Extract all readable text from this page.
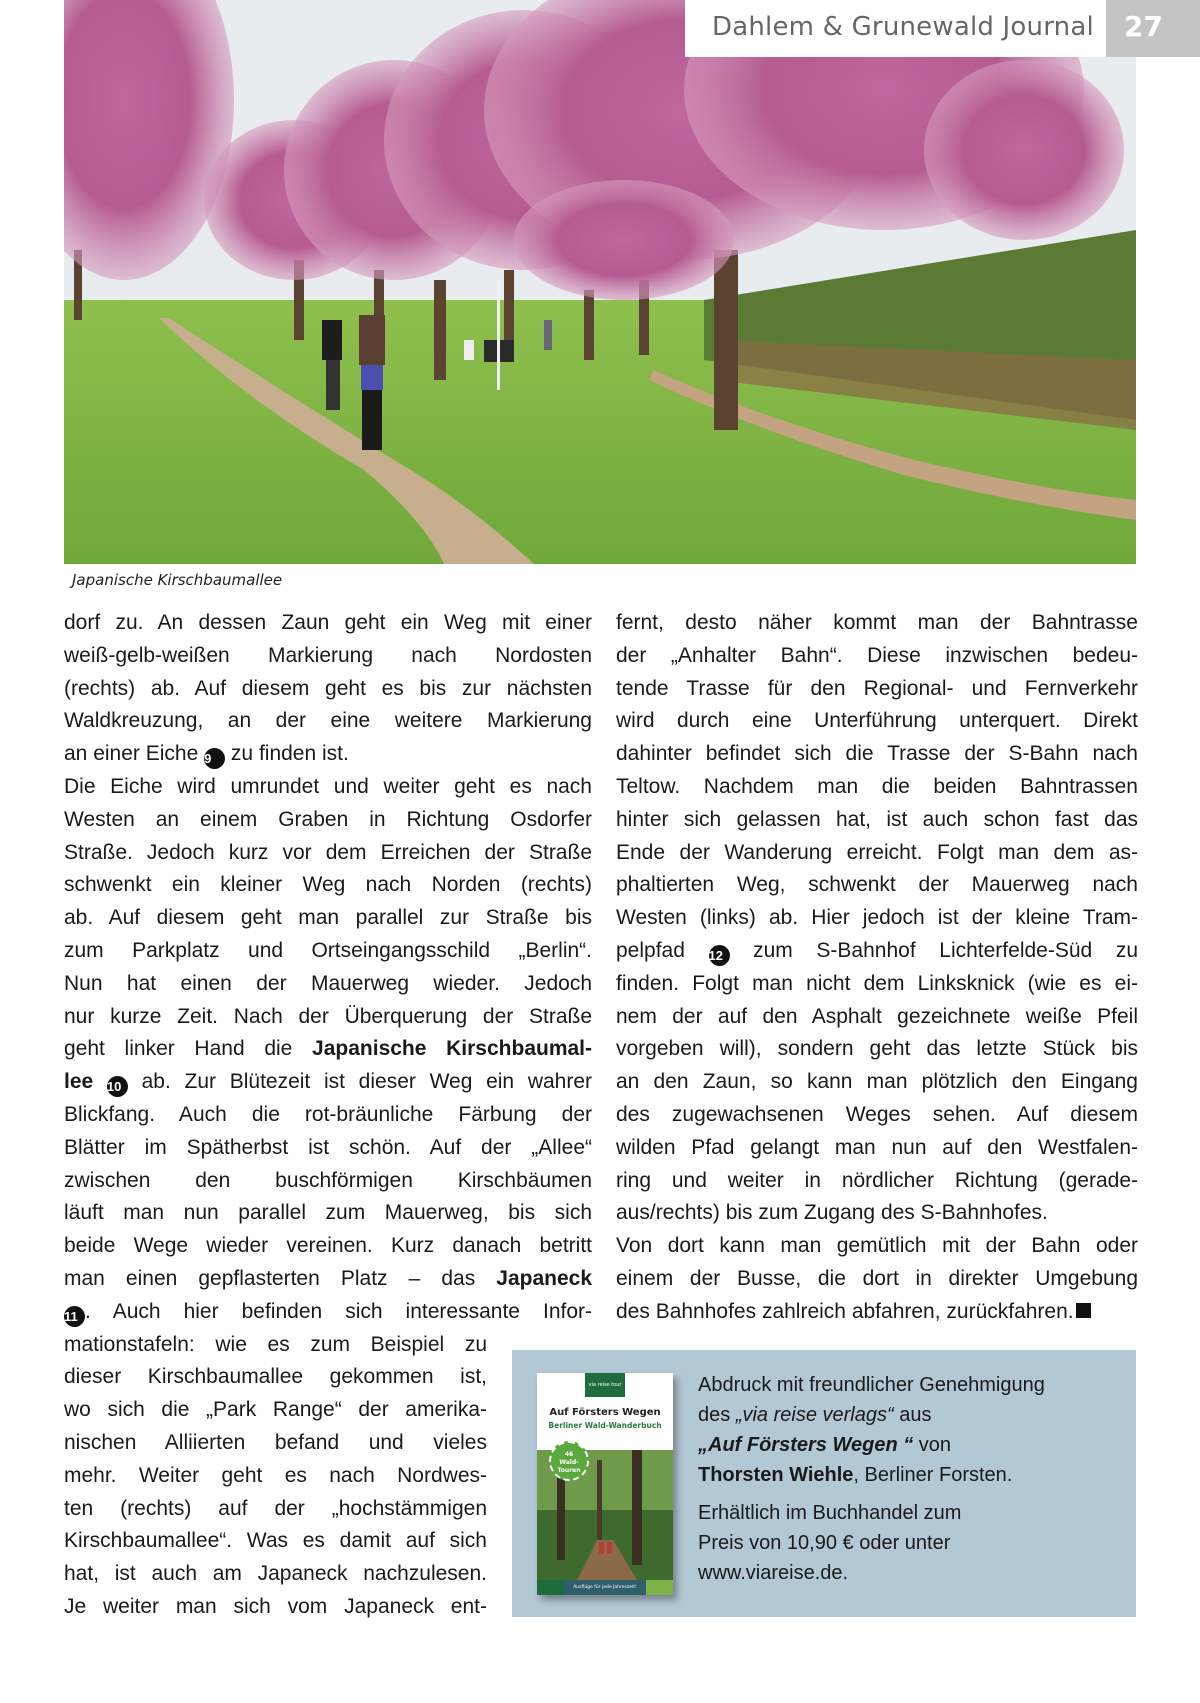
Dahlem & Grunewald Journal 27
Japanische Kirschbaumallee
dorf zu. An dessen Zaun geht ein Weg mit einer
weiß-gelb-weißen Markierung nach Nordosten
(rechts) ab. Auf diesem geht es bis zur nächsten
Waldkreuzung, an der eine weitere Markierung
an einer Eiche 9 zu finden ist.
Die Eiche wird umrundet und weiter geht es nach
Westen an einem Graben in Richtung Osdorfer
Straße. Jedoch kurz vor dem Erreichen der Straße
schwenkt ein kleiner Weg nach Norden (rechts)
ab. Auf diesem geht man parallel zur Straße bis
zum Parkplatz und Ortseingangsschild „Berlin“.
Nun hat einen der Mauerweg wieder. Jedoch
nur kurze Zeit. Nach der Überquerung der Straße
geht linker Hand die Japanische Kirschbaumal-
lee 10 ab. Zur Blütezeit ist dieser Weg ein wahrer
Blickfang. Auch die rot-bräunliche Färbung der
Blätter im Spätherbst ist schön. Auf der „Allee“
zwischen den buschförmigen Kirschbäumen
läuft man nun parallel zum Mauerweg, bis sich
beide Wege wieder vereinen. Kurz danach betritt
man einen gepflasterten Platz – das Japaneck
11 . Auch hier befinden sich interessante Infor-
mationstafeln: wie es zum Beispiel zu
dieser Kirschbaumallee gekommen ist,
wo sich die „Park Range“ der amerika-
nischen Alliierten befand und vieles
mehr. Weiter geht es nach Nordwes-
ten (rechts) auf der „hochstämmigen
Kirschbaumallee“. Was es damit auf sich
hat, ist auch am Japaneck nachzulesen.
Je weiter man sich vom Japaneck ent-
fernt, desto näher kommt man der Bahntrasse
der „Anhalter Bahn“. Diese inzwischen bedeu-
tende Trasse für den Regional- und Fernverkehr
wird durch eine Unterführung unterquert. Direkt
dahinter befindet sich die Trasse der S-Bahn nach
Teltow. Nachdem man die beiden Bahntrassen
hinter sich gelassen hat, ist auch schon fast das
Ende der Wanderung erreicht. Folgt man dem as-
phaltierten Weg, schwenkt der Mauerweg nach
Westen (links) ab. Hier jedoch ist der kleine Tram-
pelpfad 12 zum S-Bahnhof Lichterfelde-Süd zu
finden. Folgt man nicht dem Linksknick (wie es ei-
nem der auf den Asphalt gezeichnete weiße Pfeil
vorgeben will), sondern geht das letzte Stück bis
an den Zaun, so kann man plötzlich den Eingang
des zugewachsenen Weges sehen. Auf diesem
wilden Pfad gelangt man nun auf den Westfalen-
ring und weiter in nördlicher Richtung (gerade-
aus/rechts) bis zum Zugang des S-Bahnhofes.
Von dort kann man gemütlich mit der Bahn oder
einem der Busse, die dort in direkter Umgebung
des Bahnhofes zahlreich abfahren, zurückfahren.
via reise tour
Auf Försters Wegen
Berliner Wald-Wanderbuch
46
Wald-Touren
Ausflüge für jede Jahreszeit!
Abdruck mit freundlicher Genehmigung
des „via reise verlags“ aus
„Auf Försters Wegen “ von
Thorsten Wiehle, Berliner Forsten.
Erhältlich im Buchhandel zum
Preis von 10,90 € oder unter
www.viareise.de.
